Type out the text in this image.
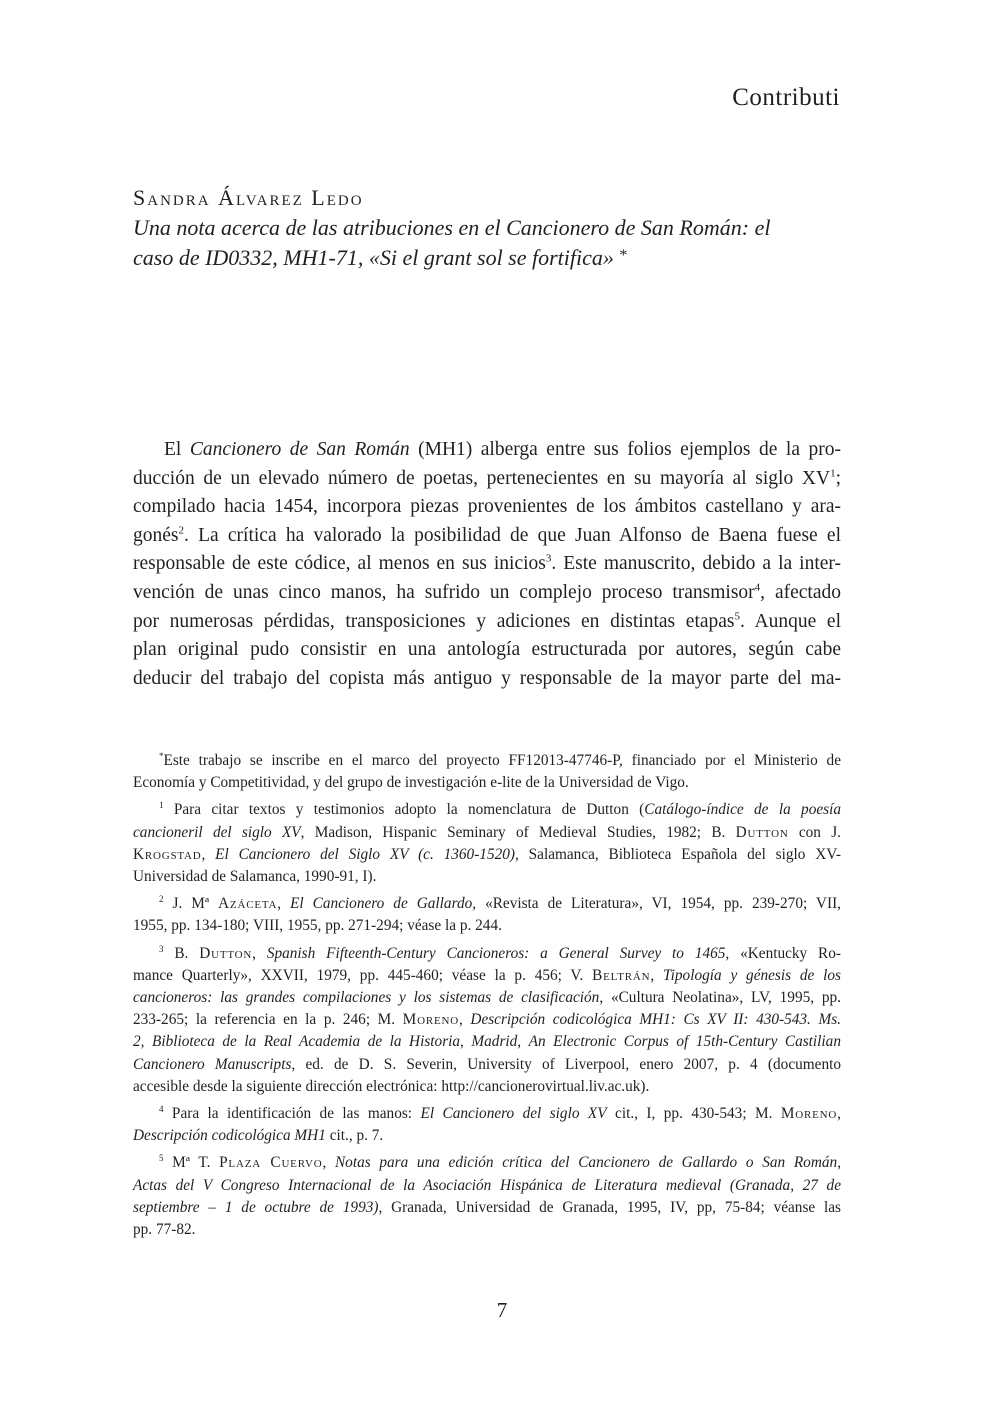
Contributi
Sandra Álvarez Ledo
Una nota acerca de las atribuciones en el Cancionero de San Román: el
caso de ID0332, MH1-71, «Si el grant sol se fortifica» *
El Cancionero de San Román (MH1) alberga entre sus folios ejemplos de la pro-
ducción de un elevado número de poetas, pertenecientes en su mayoría al siglo $XV^1$;
compilado hacia 1454, incorpora piezas provenientes de los ámbitos castellano y ara-
gonés$^2$. La crítica ha valorado la posibilidad de que Juan Alfonso de Baena fuese el
responsable de este códice, al menos en sus inicios$^3$. Este manuscrito, debido a la inter-
vención de unas cinco manos, ha sufrido un complejo proceso transmisor$^4$, afectado
por numerosas pérdidas, transposiciones y adiciones en distintas etapas$^5$. Aunque el
plan original pudo consistir en una antología estructurada por autores, según cabe
deducir del trabajo del copista más antiguo y responsable de la mayor parte del ma-
*Este trabajo se inscribe en el marco del proyecto FF12013-47746-P, financiado por el Ministerio de
Economía y Competitividad, y del grupo de investigación e-lite de la Universidad de Vigo.
$^1$ Para citar textos y testimonios adopto la nomenclatura de Dutton (Catálogo-índice de la poesía
cancioneril del siglo XV, Madison, Hispanic Seminary of Medieval Studies, 1982; B. Dutton con J.
Krogstad, El Cancionero del Siglo XV (c. 1360-1520), Salamanca, Biblioteca Española del siglo XV-
Universidad de Salamanca, 1990-91, I).
$^2$ J. Mª Azáceta, El Cancionero de Gallardo, «Revista de Literatura», VI, 1954, pp. 239-270; VII,
1955, pp. 134-180; VIII, 1955, pp. 271-294; véase la p. 244.
$^3$ B. Dutton, Spanish Fifteenth-Century Cancioneros: a General Survey to 1465, «Kentucky Ro-
mance Quarterly», XXVII, 1979, pp. 445-460; véase la p. 456; V. Beltrán, Tipología y génesis de los
cancioneros: las grandes compilaciones y los sistemas de clasificación, «Cultura Neolatina», LV, 1995, pp.
233-265; la referencia en la p. 246; M. Moreno, Descripción codicológica MH1: Cs XV II: 430-543. Ms.
2, Biblioteca de la Real Academia de la Historia, Madrid, An Electronic Corpus of 15th-Century Castilian
Cancionero Manuscripts, ed. de D. S. Severin, University of Liverpool, enero 2007, p. 4 (documento
accesible desde la siguiente dirección electrónica: http://cancionerovirtual.liv.ac.uk).
$^4$ Para la identificación de las manos: El Cancionero del siglo XV cit., I, pp. 430-543; M. Moreno,
Descripción codicológica MH1 cit., p. 7.
$^5$ Mª T. Plaza Cuervo, Notas para una edición crítica del Cancionero de Gallardo o San Román,
Actas del V Congreso Internacional de la Asociación Hispánica de Literatura medieval (Granada, 27 de
septiembre – 1 de octubre de 1993), Granada, Universidad de Granada, 1995, IV, pp, 75-84; véanse las
pp. 77-82.
7
